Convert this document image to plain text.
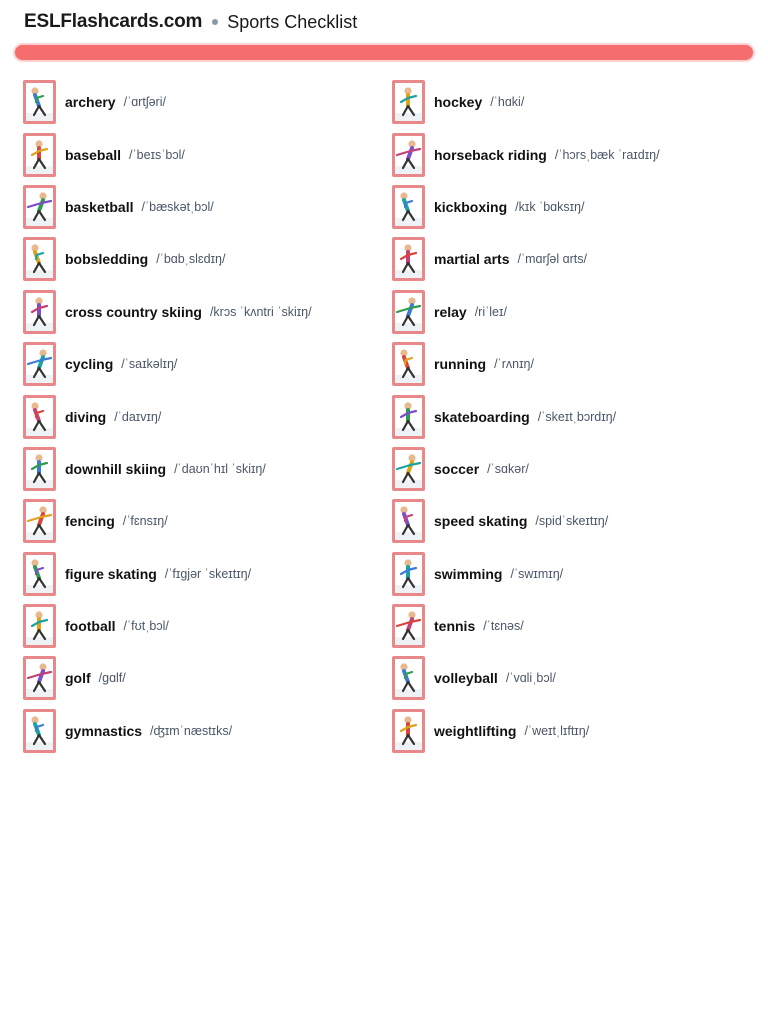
ESLFlashcards.com Sports Checklist
archery /ˈɑrtʃəri/
baseball /ˈbeɪsˈbɔl/
basketball /ˈbæskətˌbɔl/
bobsledding /ˈbɑbˌslɛdɪŋ/
cross country skiing /krɔs ˈkʌntri ˈskiɪŋ/
cycling /ˈsaɪkəlɪŋ/
diving /ˈdaɪvɪŋ/
downhill skiing /ˈdaʊnˈhɪl ˈskiɪŋ/
fencing /ˈfɛnsɪŋ/
figure skating /ˈfɪgjər ˈskeɪtɪŋ/
football /ˈfʊtˌbɔl/
golf /gɑlf/
gymnastics /ʤɪmˈnæstɪks/
hockey /ˈhɑki/
horseback riding /ˈhɔrsˌbæk ˈraɪdɪŋ/
kickboxing /kɪk ˈbɑksɪŋ/
martial arts /ˈmɑrʃəl ɑrts/
relay /riˈleɪ/
running /ˈrʌnɪŋ/
skateboarding /ˈskeɪtˌbɔrdɪŋ/
soccer /ˈsɑkər/
speed skating /spidˈskeɪtɪŋ/
swimming /ˈswɪmɪŋ/
tennis /ˈtɛnəs/
volleyball /ˈvɑliˌbɔl/
weightlifting /ˈweɪtˌlɪftɪŋ/
